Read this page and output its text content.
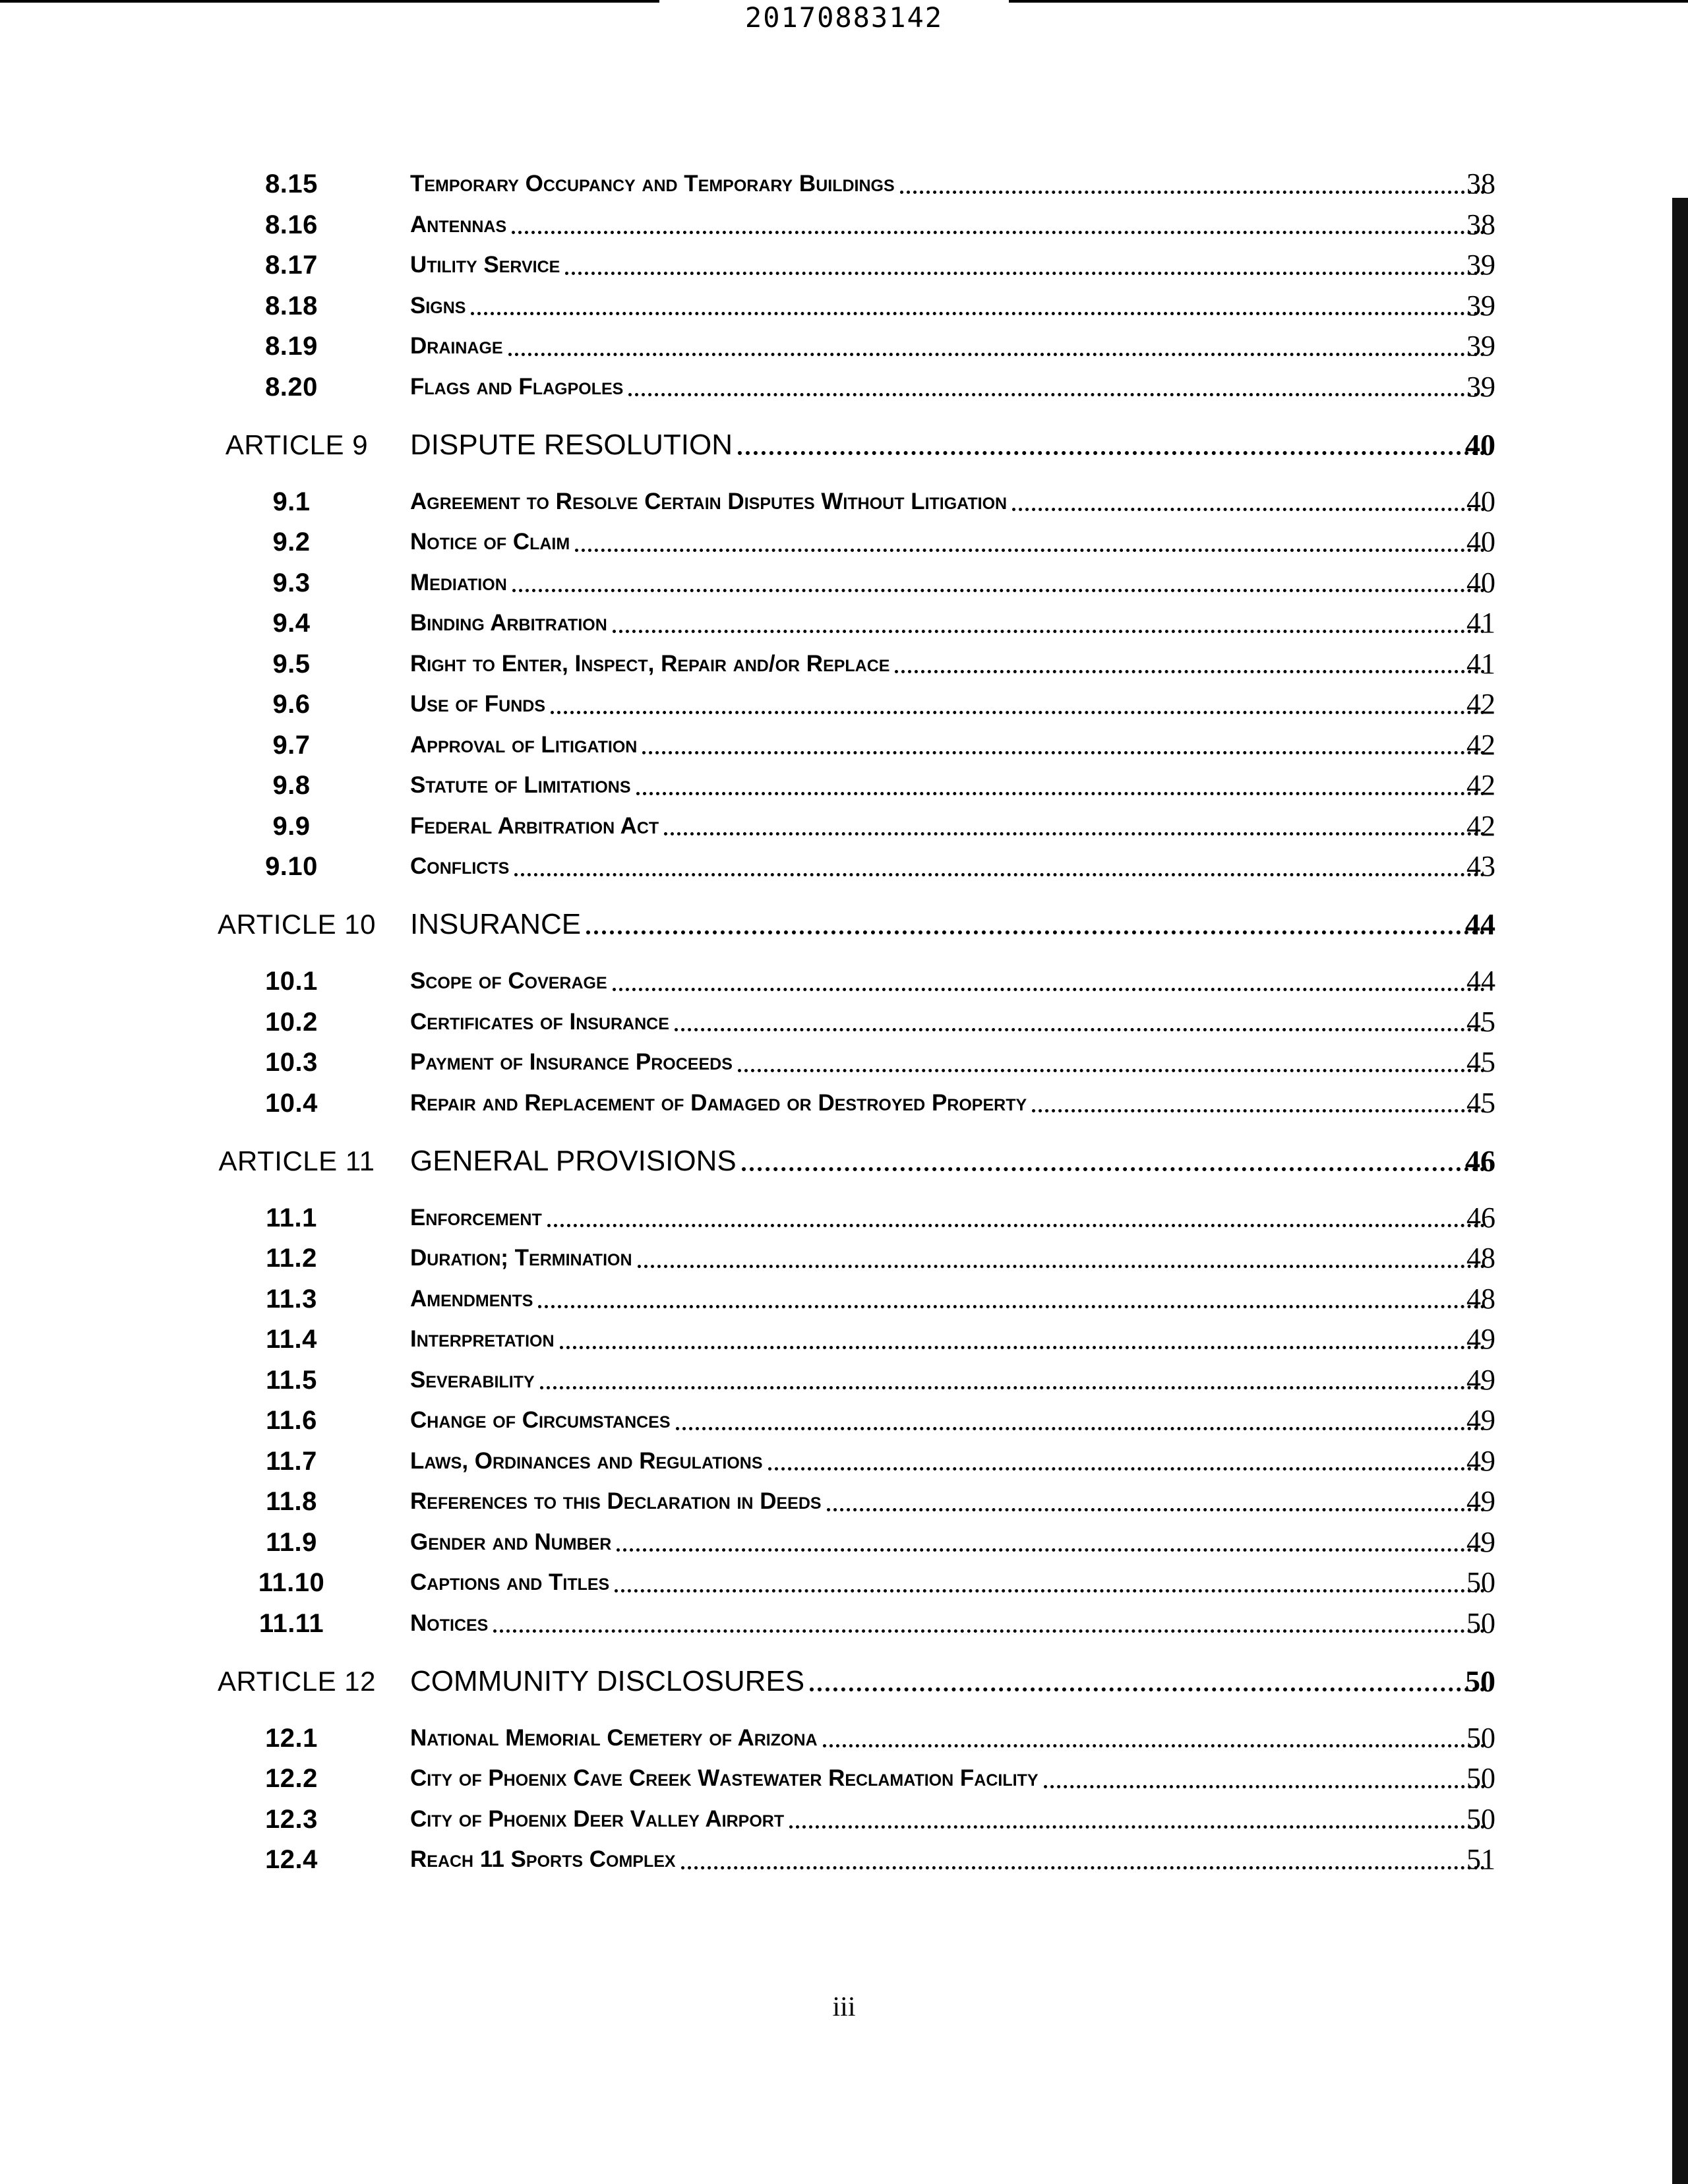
20170883142
8.15	Temporary Occupancy and Temporary Buildings	38
8.16	Antennas	38
8.17	Utility Service	39
8.18	Signs	39
8.19	Drainage	39
8.20	Flags and Flagpoles	39
ARTICLE 9	DISPUTE RESOLUTION	40
9.1	Agreement to Resolve Certain Disputes Without Litigation	40
9.2	Notice of Claim	40
9.3	Mediation	40
9.4	Binding Arbitration	41
9.5	Right to Enter, Inspect, Repair and/or Replace	41
9.6	Use of Funds	42
9.7	Approval of Litigation	42
9.8	Statute of Limitations	42
9.9	Federal Arbitration Act	42
9.10	Conflicts	43
ARTICLE 10	INSURANCE	44
10.1	Scope of Coverage	44
10.2	Certificates of Insurance	45
10.3	Payment of Insurance Proceeds	45
10.4	Repair and Replacement of Damaged or Destroyed Property	45
ARTICLE 11	GENERAL PROVISIONS	46
11.1	Enforcement	46
11.2	Duration; Termination	48
11.3	Amendments	48
11.4	Interpretation	49
11.5	Severability	49
11.6	Change of Circumstances	49
11.7	Laws, Ordinances and Regulations	49
11.8	References to this Declaration in Deeds	49
11.9	Gender and Number	49
11.10	Captions and Titles	50
11.11	Notices	50
ARTICLE 12	COMMUNITY DISCLOSURES	50
12.1	National Memorial Cemetery of Arizona	50
12.2	City of Phoenix Cave Creek Wastewater Reclamation Facility	50
12.3	City of Phoenix Deer Valley Airport	50
12.4	Reach 11 Sports Complex	51
iii
